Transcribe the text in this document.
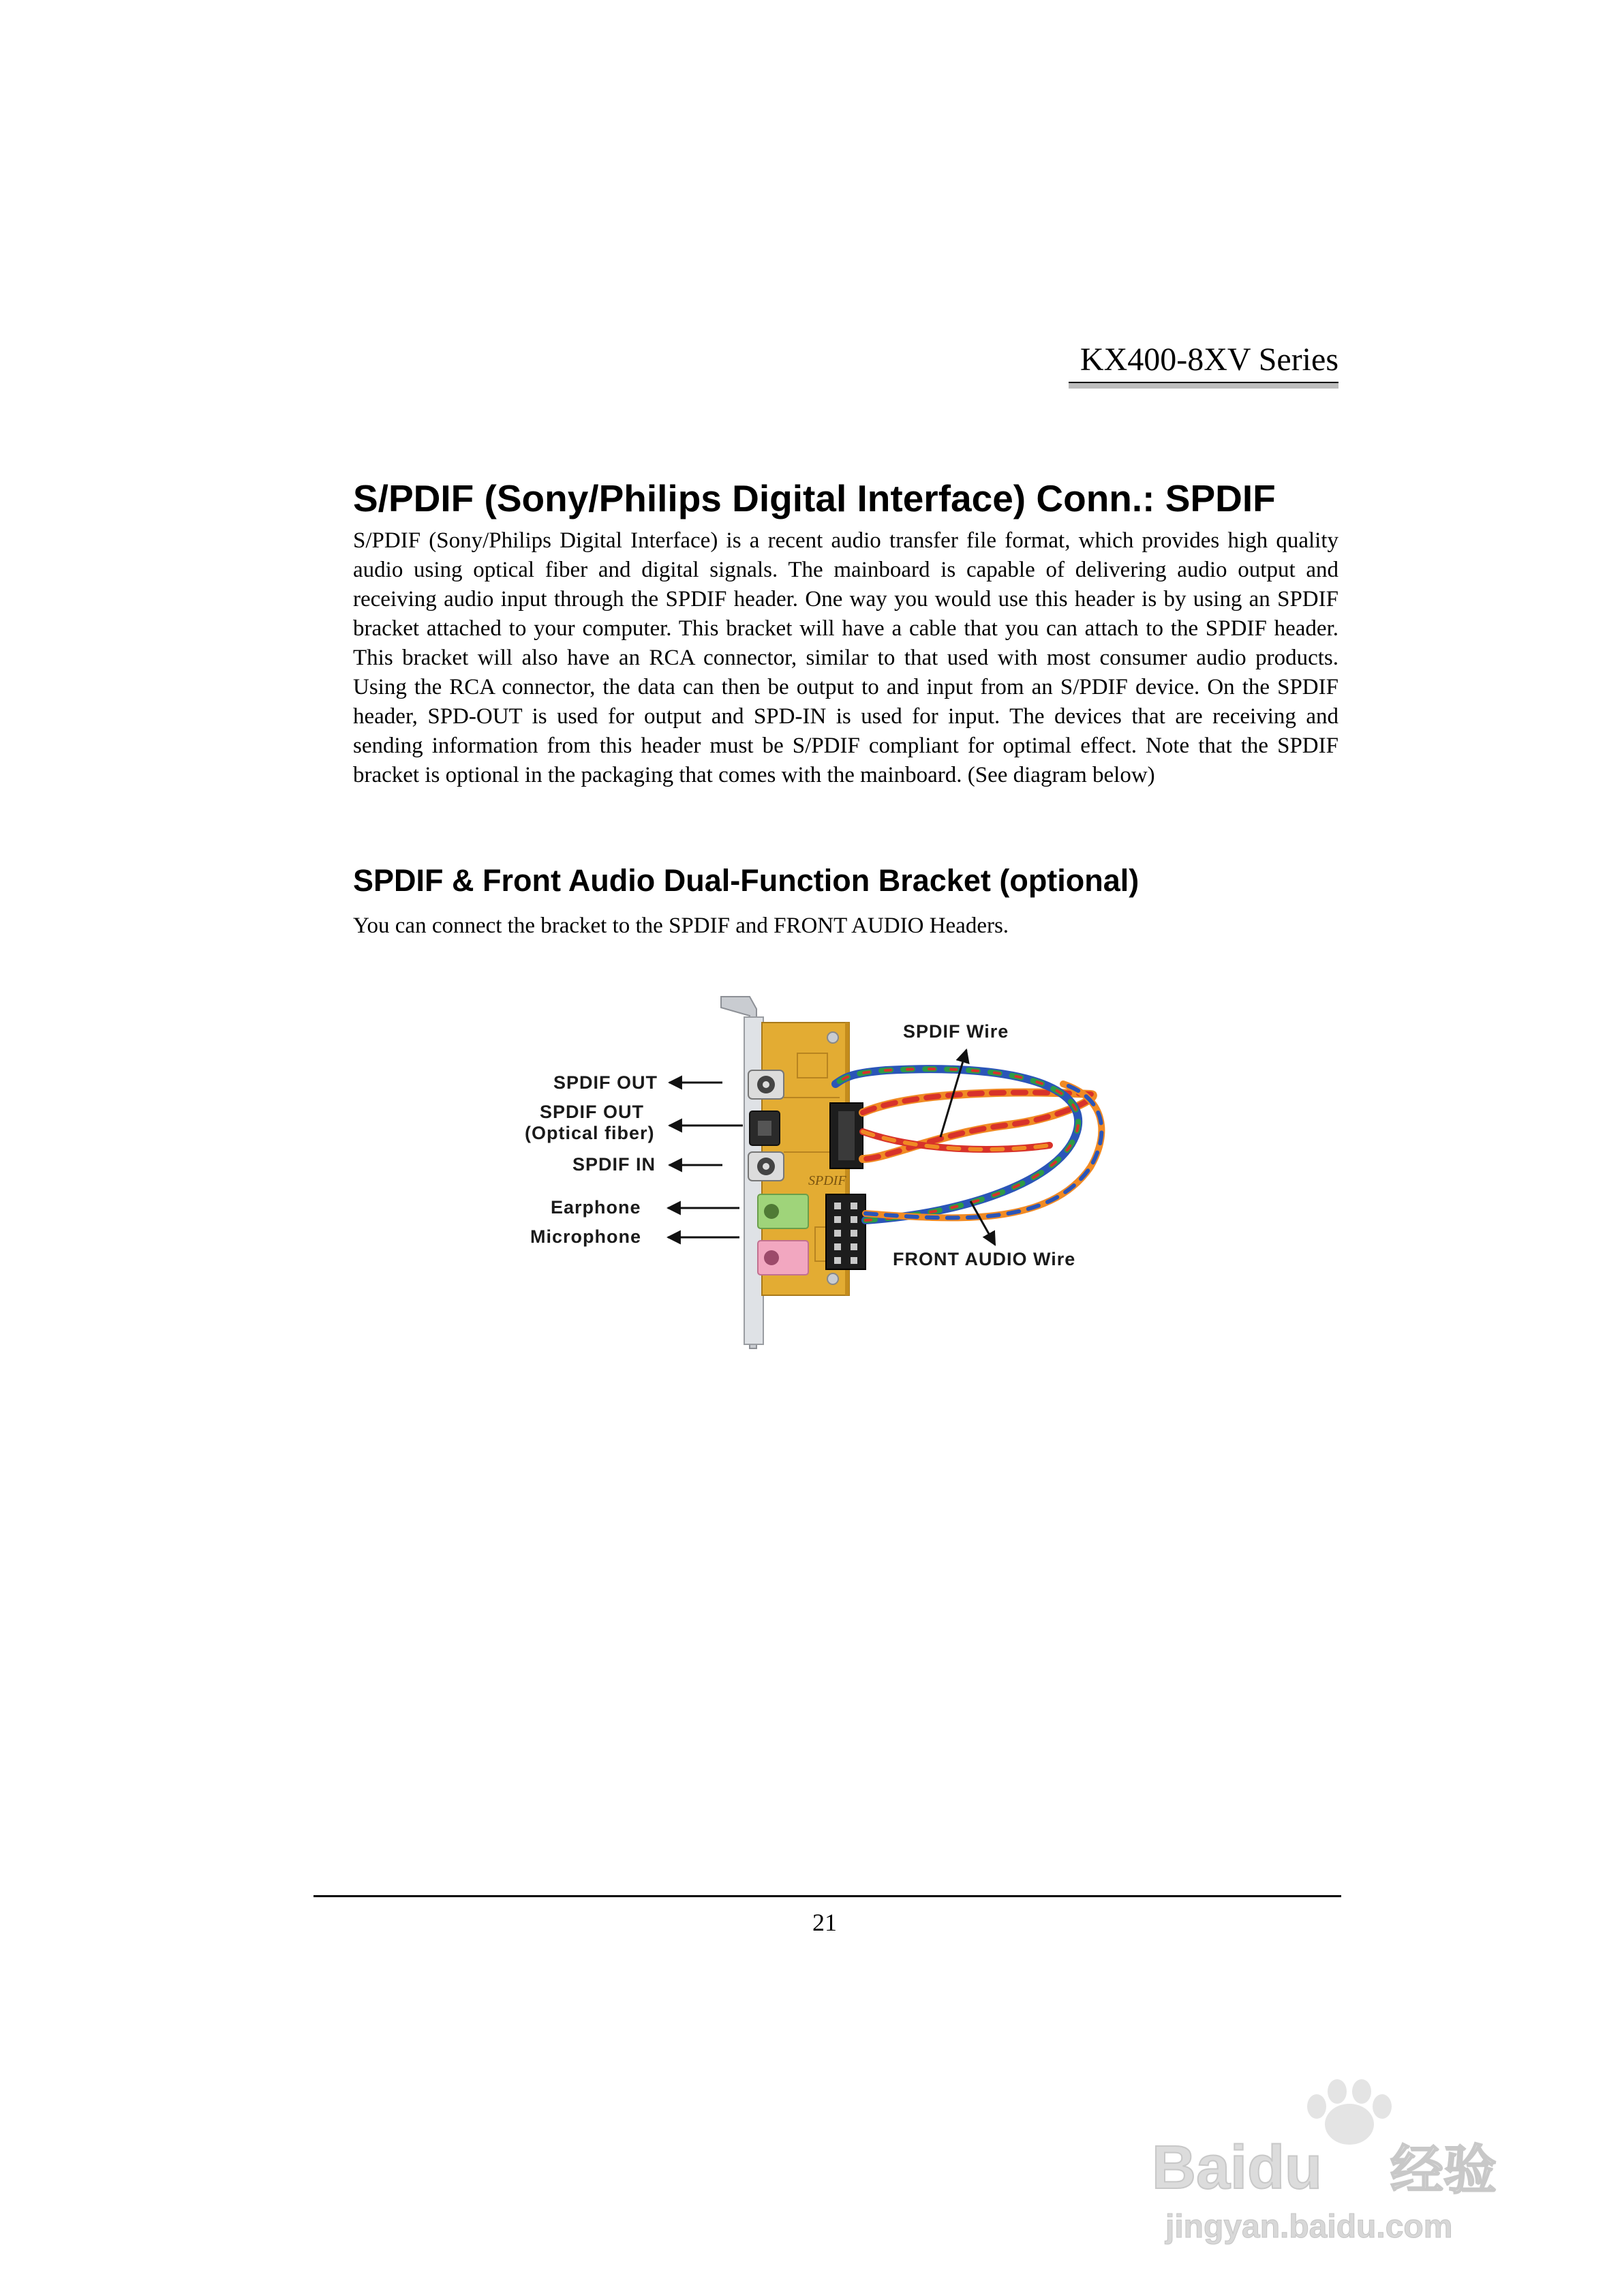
KX400-8XV Series
S/PDIF (Sony/Philips Digital Interface) Conn.: SPDIF

S/PDIF (Sony/Philips Digital Interface) is a recent audio transfer file format, which provides high quality audio using optical fiber and digital signals. The mainboard is capable of delivering audio output and receiving audio input through the SPDIF header. One way you would use this header is by using an SPDIF bracket attached to your computer. This bracket will have a cable that you can attach to the SPDIF header. This bracket will also have an RCA connector, similar to that used with most consumer audio products. Using the RCA connector, the data can then be output to and input from an S/PDIF device. On the SPDIF header, SPD-OUT is used for output and SPD-IN is used for input. The devices that are receiving and sending information from this header must be S/PDIF compliant for optimal effect. Note that the SPDIF bracket is optional in the packaging that comes with the mainboard. (See diagram below)

SPDIF & Front Audio Dual-Function Bracket (optional)

You can connect the bracket to the SPDIF and FRONT AUDIO Headers.

SPDIF
SPDIF OUT
SPDIF OUT
(Optical fiber)
SPDIF IN
Earphone
Microphone
SPDIF Wire
FRONT AUDIO Wire
21
Baidu 经验
jingyan.baidu.com
